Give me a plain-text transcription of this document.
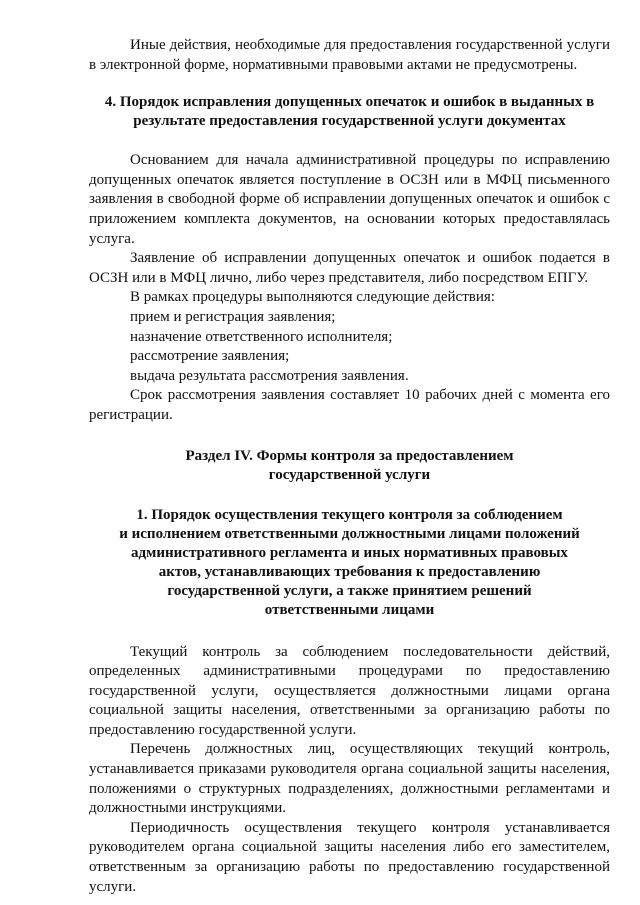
Иные действия, необходимые для предоставления государственной услуги в электронной форме, нормативными правовыми актами не предусмотрены.

4. Порядок исправления допущенных опечаток и ошибок в выданных в
результате предоставления государственной услуги документах

Основанием для начала административной процедуры по исправлению допущенных опечаток является поступление в ОСЗН или в МФЦ письменного заявления в свободной форме об исправлении допущенных опечаток и ошибок с приложением комплекта документов, на основании которых предоставлялась услуга.

Заявление об исправлении допущенных опечаток и ошибок подается в ОСЗН или в МФЦ лично, либо через представителя, либо посредством ЕПГУ.

В рамках процедуры выполняются следующие действия:

прием и регистрация заявления;

назначение ответственного исполнителя;

рассмотрение заявления;

выдача результата рассмотрения заявления.

Срок рассмотрения заявления составляет 10 рабочих дней с момента его регистрации.

Раздел IV. Формы контроля за предоставлением
государственной услуги
1. Порядок осуществления текущего контроля за соблюдением
и исполнением ответственными должностными лицами положений
административного регламента и иных нормативных правовых
актов, устанавливающих требования к предоставлению
государственной услуги, а также принятием решений
ответственными лицами

Текущий контроль за соблюдением последовательности действий, определенных административными процедурами по предоставлению государственной услуги, осуществляется должностными лицами органа социальной защиты населения, ответственными за организацию работы по предоставлению государственной услуги.

Перечень должностных лиц, осуществляющих текущий контроль, устанавливается приказами руководителя органа социальной защиты населения, положениями о структурных подразделениях, должностными регламентами и должностными инструкциями.

Периодичность осуществления текущего контроля устанавливается руководителем органа социальной защиты населения либо его заместителем, ответственным за организацию работы по предоставлению государственной услуги.
